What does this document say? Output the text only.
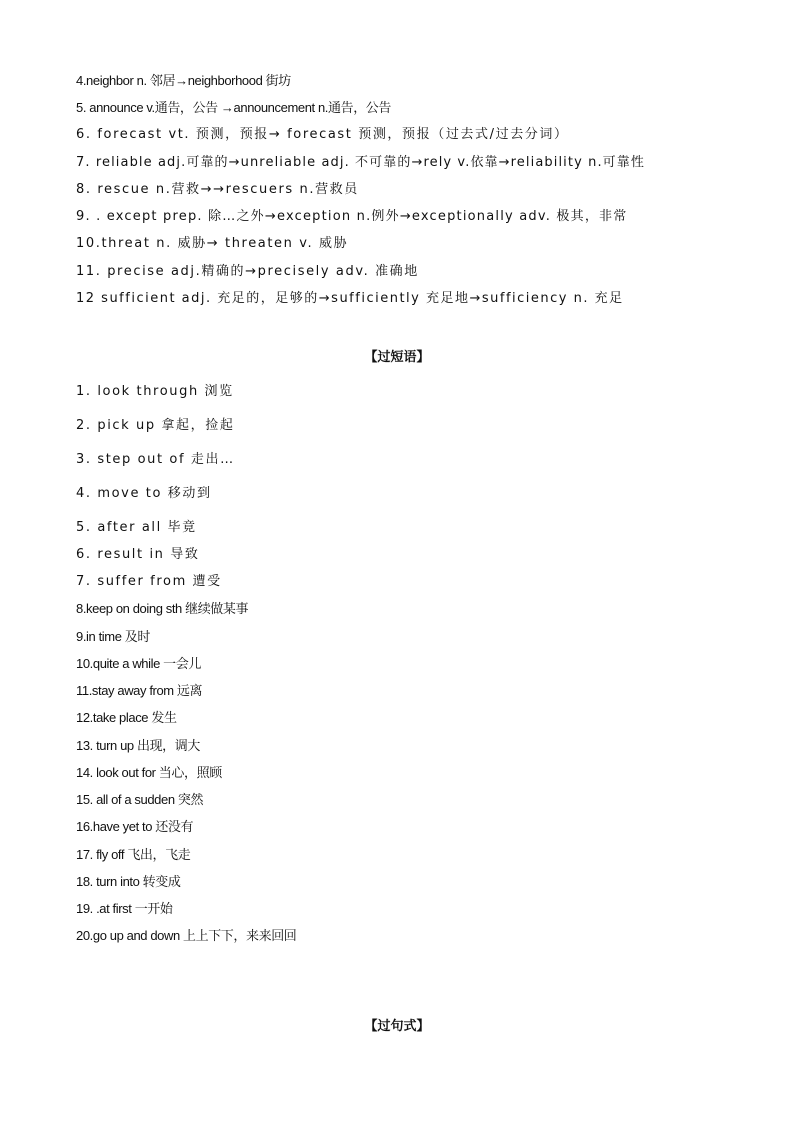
4.neighbor n. 邻居→neighborhood 街坊
5. announce v.通告，公告 →announcement n.通告，公告
6. forecast vt. 预测，预报→ forecast 预测，预报（过去式/过去分词）
7. reliable adj.可靠的→unreliable adj. 不可靠的→rely v.依靠→reliability n.可靠性
8. rescue n.营救→→rescuers n.营救员
9. . except prep. 除…之外→exception n.例外→exceptionally adv. 极其，非常
10.threat n. 威胁→ threaten v. 威胁
11. precise adj.精确的→precisely adv. 准确地
12 sufficient adj. 充足的，足够的→sufficiently 充足地→sufficiency n. 充足
【过短语】
1. look through 浏览
2. pick up 拿起，捡起
3. step out of 走出…
4. move to 移动到
5. after all 毕竟
6. result in 导致
7. suffer from 遭受
8.keep on doing sth 继续做某事
9.in time 及时
10.quite a while 一会儿
11.stay away from 远离
12.take place 发生
13. turn up 出现，调大
14. look out for 当心，照顾
15. all of a sudden 突然
16.have yet to 还没有
17. fly off 飞出，飞走
18. turn into 转变成
19. .at first 一开始
20.go up and down 上上下下，来来回回
【过句式】
